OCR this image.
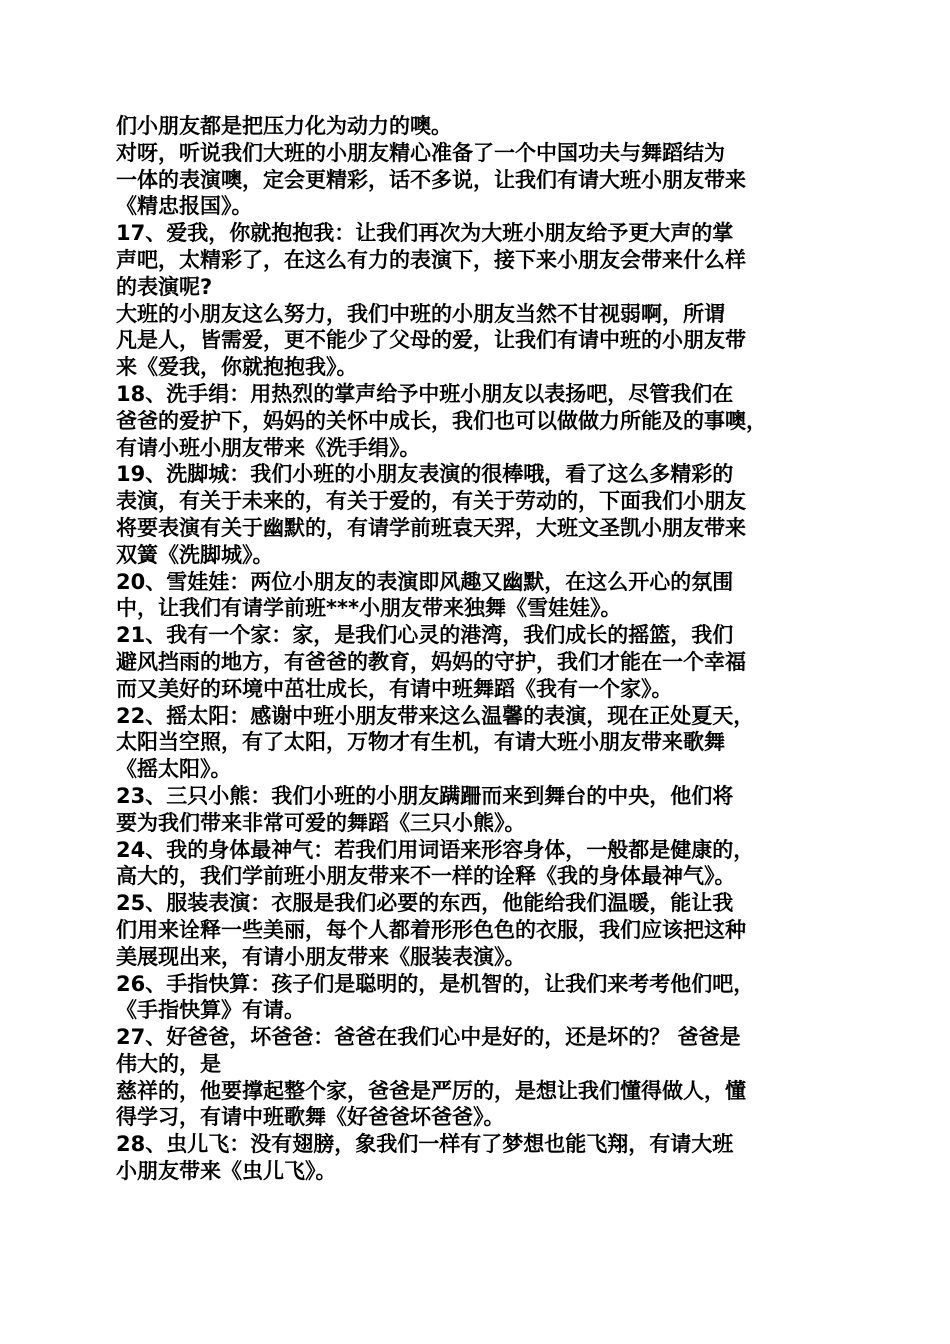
们小朋友都是把压力化为动力的噢。
对呀，听说我们大班的小朋友精心准备了一个中国功夫与舞蹈结为
一体的表演噢，定会更精彩，话不多说，让我们有请大班小朋友带来
《精忠报国》。
17、爱我，你就抱抱我：让我们再次为大班小朋友给予更大声的掌
声吧，太精彩了，在这么有力的表演下，接下来小朋友会带来什么样
的表演呢?
大班的小朋友这么努力，我们中班的小朋友当然不甘视弱啊，所谓
凡是人，皆需爱，更不能少了父母的爱，让我们有请中班的小朋友带
来《爱我，你就抱抱我》。
18、洗手绢：用热烈的掌声给予中班小朋友以表扬吧，尽管我们在
爸爸的爱护下，妈妈的关怀中成长，我们也可以做做力所能及的事噢，
有请小班小朋友带来《洗手绢》。
19、洗脚城：我们小班的小朋友表演的很棒哦，看了这么多精彩的
表演，有关于未来的，有关于爱的，有关于劳动的，下面我们小朋友
将要表演有关于幽默的，有请学前班袁天羿，大班文圣凯小朋友带来
双簧《洗脚城》。
20、雪娃娃：两位小朋友的表演即风趣又幽默，在这么开心的氛围
中，让我们有请学前班***小朋友带来独舞《雪娃娃》。
21、我有一个家：家，是我们心灵的港湾，我们成长的摇篮，我们
避风挡雨的地方，有爸爸的教育，妈妈的守护，我们才能在一个幸福
而又美好的环境中茁壮成长，有请中班舞蹈《我有一个家》。
22、摇太阳：感谢中班小朋友带来这么温馨的表演，现在正处夏天，
太阳当空照，有了太阳，万物才有生机，有请大班小朋友带来歌舞
《摇太阳》。
23、三只小熊：我们小班的小朋友蹒跚而来到舞台的中央，他们将
要为我们带来非常可爱的舞蹈《三只小熊》。
24、我的身体最神气：若我们用词语来形容身体，一般都是健康的，
高大的，我们学前班小朋友带来不一样的诠释《我的身体最神气》。
25、服装表演：衣服是我们必要的东西，他能给我们温暖，能让我
们用来诠释一些美丽，每个人都着形形色色的衣服，我们应该把这种
美展现出来，有请小朋友带来《服装表演》。
26、手指快算：孩子们是聪明的，是机智的，让我们来考考他们吧，
《手指快算》有请。
27、好爸爸，坏爸爸：爸爸在我们心中是好的，还是坏的？ 爸爸是
伟大的，是
慈祥的，他要撑起整个家，爸爸是严厉的，是想让我们懂得做人，懂
得学习，有请中班歌舞《好爸爸坏爸爸》。
28、虫儿飞：没有翅膀，象我们一样有了梦想也能飞翔，有请大班
小朋友带来《虫儿飞》。
